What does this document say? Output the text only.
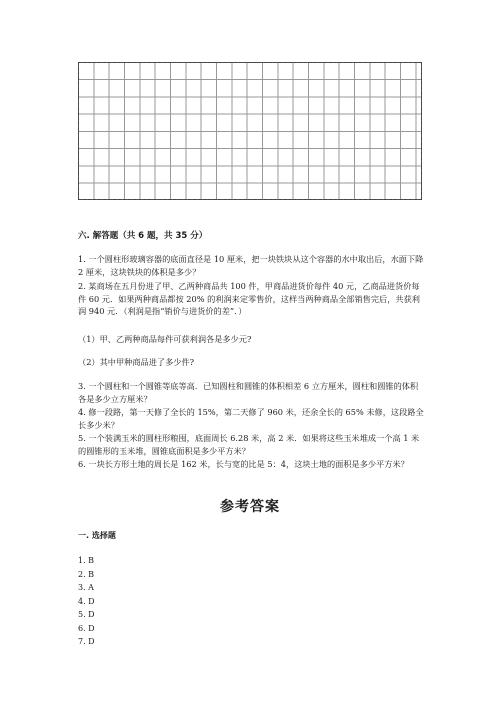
六. 解答题（共 6 题，共 35 分）
1. 一个圆柱形玻璃容器的底面直径是 10 厘米，把一块铁块从这个容器的水中取出后，水面下降 2 厘米，这块铁块的体积是多少？
2. 某商场在五月份进了甲、乙两种商品共 100 件，甲商品进货价每件 40 元，乙商品进货价每件 60 元．如果两种商品都按 20% 的利润来定零售价，这样当两种商品全部销售完后，共获利润 940 元．（利润是指“销价与进货价的差”．）
（1）甲、乙两种商品每件可获利润各是多少元?
（2）其中甲种商品进了多少件?
3. 一个圆柱和一个圆锥等底等高．已知圆柱和圆锥的体积相差 6 立方厘米，圆柱和圆锥的体积各是多少立方厘米？
4. 修一段路，第一天修了全长的 15%，第二天修了 960 米，还余全长的 65% 未修，这段路全长多少米？
5. 一个装满玉米的圆柱形粮囤，底面周长 6.28 米，高 2 米．如果将这些玉米堆成一个高 1 米的圆锥形的玉米堆，圆锥底面积是多少平方米？
6. 一块长方形土地的周长是 162 米，长与宽的比是 5：4，这块土地的面积是多少平方米？
参考答案
一. 选择题
1. B
2. B
3. A
4. D
5. D
6. D
7. D
